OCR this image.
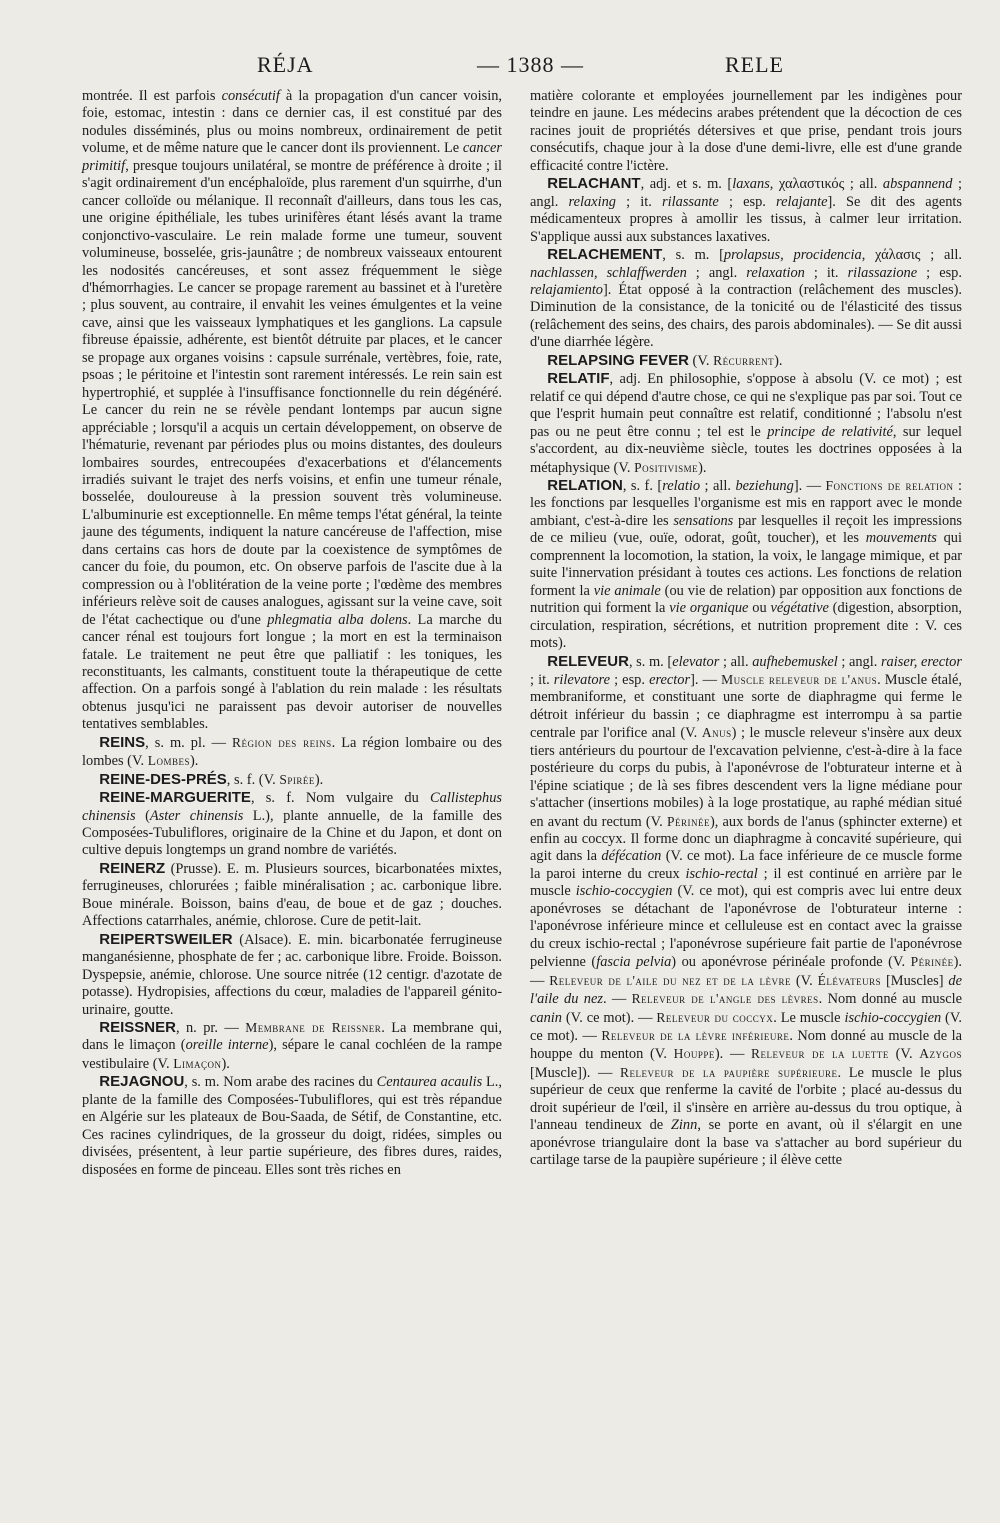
RÉJA	— 1388 —	RELE

montrée. Il est parfois consécutif à la propagation d'un cancer voisin, foie, estomac, intestin : dans ce dernier cas, il est constitué par des nodules disséminés, plus ou moins nombreux, ordinairement de petit volume, et de même nature que le cancer dont ils proviennent. Le cancer primitif, presque toujours unilatéral, se montre de préférence à droite ; il s'agit ordinairement d'un encéphaloïde, plus rarement d'un squirrhe, d'un cancer colloïde ou mélanique. Il reconnaît d'ailleurs, dans tous les cas, une origine épithéliale, les tubes urinifères étant lésés avant la trame conjonctivo-vasculaire. Le rein malade forme une tumeur, souvent volumineuse, bosselée, gris-jaunâtre ; de nombreux vaisseaux entourent les nodosités cancéreuses, et sont assez fréquemment le siège d'hémorrhagies. Le cancer se propage rarement au bassinet et à l'uretère ; plus souvent, au contraire, il envahit les veines émulgentes et la veine cave, ainsi que les vaisseaux lymphatiques et les ganglions. La capsule fibreuse épaissie, adhérente, est bientôt détruite par places, et le cancer se propage aux organes voisins : capsule surrénale, vertèbres, foie, rate, psoas ; le péritoine et l'intestin sont rarement intéressés. Le rein sain est hypertrophié, et supplée à l'insuffisance fonctionnelle du rein dégénéré. Le cancer du rein ne se révèle pendant lontemps par aucun signe appréciable ; lorsqu'il a acquis un certain développement, on observe de l'hématurie, revenant par périodes plus ou moins distantes, des douleurs lombaires sourdes, entrecoupées d'exacerbations et d'élancements irradiés suivant le trajet des nerfs voisins, et enfin une tumeur rénale, bosselée, douloureuse à la pression souvent très volumineuse. L'albuminurie est exceptionnelle. En même temps l'état général, la teinte jaune des téguments, indiquent la nature cancéreuse de l'affection, mise dans certains cas hors de doute par la coexistence de symptômes de cancer du foie, du poumon, etc. On observe parfois de l'ascite due à la compression ou à l'oblitération de la veine porte ; l'œdème des membres inférieurs relève soit de causes analogues, agissant sur la veine cave, soit de l'état cachectique ou d'une phlegmatia alba dolens. La marche du cancer rénal est toujours fort longue ; la mort en est la terminaison fatale. Le traitement ne peut être que palliatif : les toniques, les reconstituants, les calmants, constituent toute la thérapeutique de cette affection. On a parfois songé à l'ablation du rein malade : les résultats obtenus jusqu'ici ne paraissent pas devoir autoriser de nouvelles tentatives semblables.

REINS, s. m. pl. — Région des reins. La région lombaire ou des lombes (V. Lombes).

REINE-DES-PRÉS, s. f. (V. Spirée).

REINE-MARGUERITE, s. f. Nom vulgaire du Callistephus chinensis (Aster chinensis L.), plante annuelle, de la famille des Composées-Tubuliflores, originaire de la Chine et du Japon, et dont on cultive depuis longtemps un grand nombre de variétés.

REINERZ (Prusse). E. m. Plusieurs sources, bicarbonatées mixtes, ferrugineuses, chlorurées ; faible minéralisation ; ac. carbonique libre. Boue minérale. Boisson, bains d'eau, de boue et de gaz ; douches. Affections catarrhales, anémie, chlorose. Cure de petit-lait.

REIPERTSWEILER (Alsace). E. min. bicarbonatée ferrugineuse manganésienne, phosphate de fer ; ac. carbonique libre. Froide. Boisson. Dyspepsie, anémie, chlorose. Une source nitrée (12 centigr. d'azotate de potasse). Hydropisies, affections du cœur, maladies de l'appareil génito-urinaire, goutte.

REISSNER, n. pr. — Membrane de Reissner. La membrane qui, dans le limaçon (oreille interne), sépare le canal cochléen de la rampe vestibulaire (V. Limaçon).

REJAGNOU, s. m. Nom arabe des racines du Centaurea acaulis L., plante de la famille des Composées-Tubuliflores, qui est très répandue en Algérie sur les plateaux de Bou-Saada, de Sétif, de Constantine, etc. Ces racines cylindriques, de la grosseur du doigt, ridées, simples ou divisées, présentent, à leur partie supérieure, des fibres dures, raides, disposées en forme de pinceau. Elles sont très riches en

matière colorante et employées journellement par les indigènes pour teindre en jaune. Les médecins arabes prétendent que la décoction de ces racines jouit de propriétés détersives et que prise, pendant trois jours consécutifs, chaque jour à la dose d'une demi-livre, elle est d'une grande efficacité contre l'ictère.

RELACHANT, adj. et s. m. [laxans, χαλαστικός ; all. abspannend ; angl. relaxing ; it. rilassante ; esp. relajante]. Se dit des agents médicamenteux propres à amollir les tissus, à calmer leur irritation. S'applique aussi aux substances laxatives.

RELACHEMENT, s. m. [prolapsus, procidencia, χάλασις ; all. nachlassen, schlaffwerden ; angl. relaxation ; it. rilassazione ; esp. relajamiento]. État opposé à la contraction (relâchement des muscles). Diminution de la consistance, de la tonicité ou de l'élasticité des tissus (relâchement des seins, des chairs, des parois abdominales). — Se dit aussi d'une diarrhée légère.

RELAPSING FEVER (V. Récurrent).

RELATIF, adj. En philosophie, s'oppose à absolu (V. ce mot) ; est relatif ce qui dépend d'autre chose, ce qui ne s'explique pas par soi. Tout ce que l'esprit humain peut connaître est relatif, conditionné ; l'absolu n'est pas ou ne peut être connu ; tel est le principe de relativité, sur lequel s'accordent, au dix-neuvième siècle, toutes les doctrines opposées à la métaphysique (V. Positivisme).

RELATION, s. f. [relatio ; all. beziehung]. — Fonctions de relation : les fonctions par lesquelles l'organisme est mis en rapport avec le monde ambiant, c'est-à-dire les sensations par lesquelles il reçoit les impressions de ce milieu (vue, ouïe, odorat, goût, toucher), et les mouvements qui comprennent la locomotion, la station, la voix, le langage mimique, et par suite l'innervation présidant à toutes ces actions. Les fonctions de relation forment la vie animale (ou vie de relation) par opposition aux fonctions de nutrition qui forment la vie organique ou végétative (digestion, absorption, circulation, respiration, sécrétions, et nutrition proprement dite : V. ces mots).

RELEVEUR, s. m. [elevator ; all. aufhebemuskel ; angl. raiser, erector ; it. rilevatore ; esp. erector]. — Muscle releveur de l'anus. Muscle étalé, membraniforme, et constituant une sorte de diaphragme qui ferme le détroit inférieur du bassin ; ce diaphragme est interrompu à sa partie centrale par l'orifice anal (V. Anus) ; le muscle releveur s'insère aux deux tiers antérieurs du pourtour de l'excavation pelvienne, c'est-à-dire à la face postérieure du corps du pubis, à l'aponévrose de l'obturateur interne et à l'épine sciatique ; de là ses fibres descendent vers la ligne médiane pour s'attacher (insertions mobiles) à la loge prostatique, au raphé médian situé en avant du rectum (V. Périnée), aux bords de l'anus (sphincter externe) et enfin au coccyx. Il forme donc un diaphragme à concavité supérieure, qui agit dans la défécation (V. ce mot). La face inférieure de ce muscle forme la paroi interne du creux ischio-rectal ; il est continué en arrière par le muscle ischio-coccygien (V. ce mot), qui est compris avec lui entre deux aponévroses se détachant de l'aponévrose de l'obturateur interne : l'aponévrose inférieure mince et celluleuse est en contact avec la graisse du creux ischio-rectal ; l'aponévrose supérieure fait partie de l'aponévrose pelvienne (fascia pelvia) ou aponévrose périnéale profonde (V. Périnée). — Releveur de l'aile du nez et de la lèvre (V. Élévateurs [Muscles] de l'aile du nez. — Releveur de l'angle des lèvres. Nom donné au muscle canin (V. ce mot). — Releveur du coccyx. Le muscle ischio-coccygien (V. ce mot). — Releveur de la lèvre inférieure. Nom donné au muscle de la houppe du menton (V. Houppe). — Releveur de la luette (V. Azygos [Muscle]). — Releveur de la paupière supérieure. Le muscle le plus supérieur de ceux que renferme la cavité de l'orbite ; placé au-dessus du droit supérieur de l'œil, il s'insère en arrière au-dessus du trou optique, à l'anneau tendineux de Zinn, se porte en avant, où il s'élargit en une aponévrose triangulaire dont la base va s'attacher au bord supérieur du cartilage tarse de la paupière supérieure ; il élève cette
